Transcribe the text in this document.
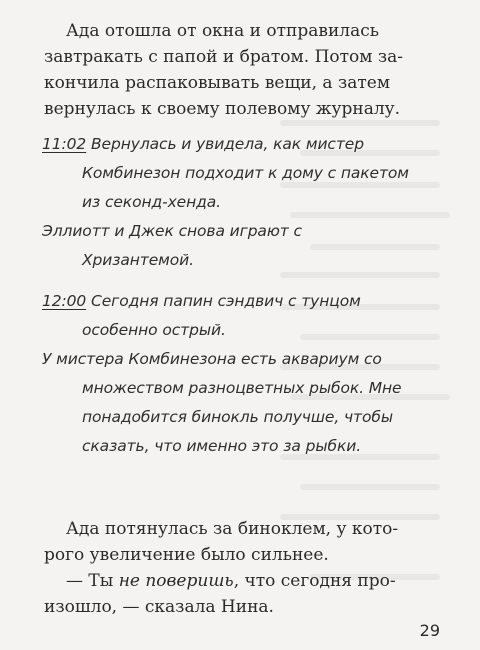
Ада отошла от окна и отправилась

завтракать с папой и братом. Потом за-

кончила распаковывать вещи, а затем

вернулась к своему полевому журналу.

11:02 Вернулась и увидела, как мистер

Комбинезон подходит к дому с пакетом

из секонд-хенда.

Эллиотт и Джек снова играют с

Хризантемой.

12:00 Сегодня папин сэндвич с тунцом

особенно острый.

У мистера Комбинезона есть аквариум со

множеством разноцветных рыбок. Мне

понадобится бинокль получше, чтобы

сказать, что именно это за рыбки.

Ада потянулась за биноклем, у кото-

рого увеличение было сильнее.

— Ты не поверишь, что сегодня про-

изошло, — сказала Нина.

29
